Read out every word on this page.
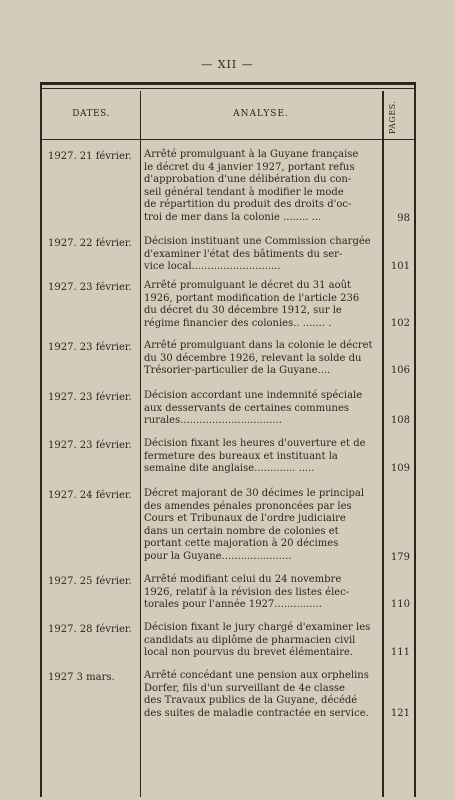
— XII —
DATES.	ANALYSE.	PAGES.
1927. 21 février.	Arrêté promulguant à la Guyane française
le décret du 4 janvier 1927, portant refus
d'approbation d'une délibération du con-
seil général tendant à modifier le mode
de répartition du produit des droits d'oc-
troi de mer dans la colonie ........ ...	98
1927. 22 février.	Décision instituant une Commission chargée
d'examiner l'état des bâtiments du ser-
vice local............................	101
1927. 23 février.	Arrêté promulguant le décret du 31 août
1926, portant modification de l'article 236
du décret du 30 décembre 1912, sur le
régime financier des colonies.. ....... .	102
1927. 23 février.	Arrêté promulguant dans la colonie le décret
du 30 décembre 1926, relevant la solde du
Trésorier-particulier de la Guyane....	106
1927. 23 février.	Décision accordant une indemnité spéciale
aux desservants de certaines communes
rurales................................	108
1927. 23 février.	Décision fixant les heures d'ouverture et de
fermeture des bureaux et instituant la
semaine dite anglaise............. .....	109
1927. 24 février.	Décret majorant de 30 décimes le principal
des amendes pénales prononcées par les
Cours et Tribunaux de l'ordre judiciaire
dans un certain nombre de colonies et
portant cette majoration à 20 décimes
pour la Guyane......................	179
1927. 25 février.	Arrêté modifiant celui du 24 novembre
1926, relatif à la révision des listes élec-
torales pour l'année 1927...............	110
1927. 28 février.	Décision fixant le jury chargé d'examiner les
candidats au diplôme de pharmacien civil
local non pourvus du brevet élémentaire.	111
1927 3 mars.	Arrêté concédant une pension aux orphelins
Dorfer, fils d'un surveillant de 4e classe
des Travaux publics de la Guyane, décédé
des suites de maladie contractée en service.	121
